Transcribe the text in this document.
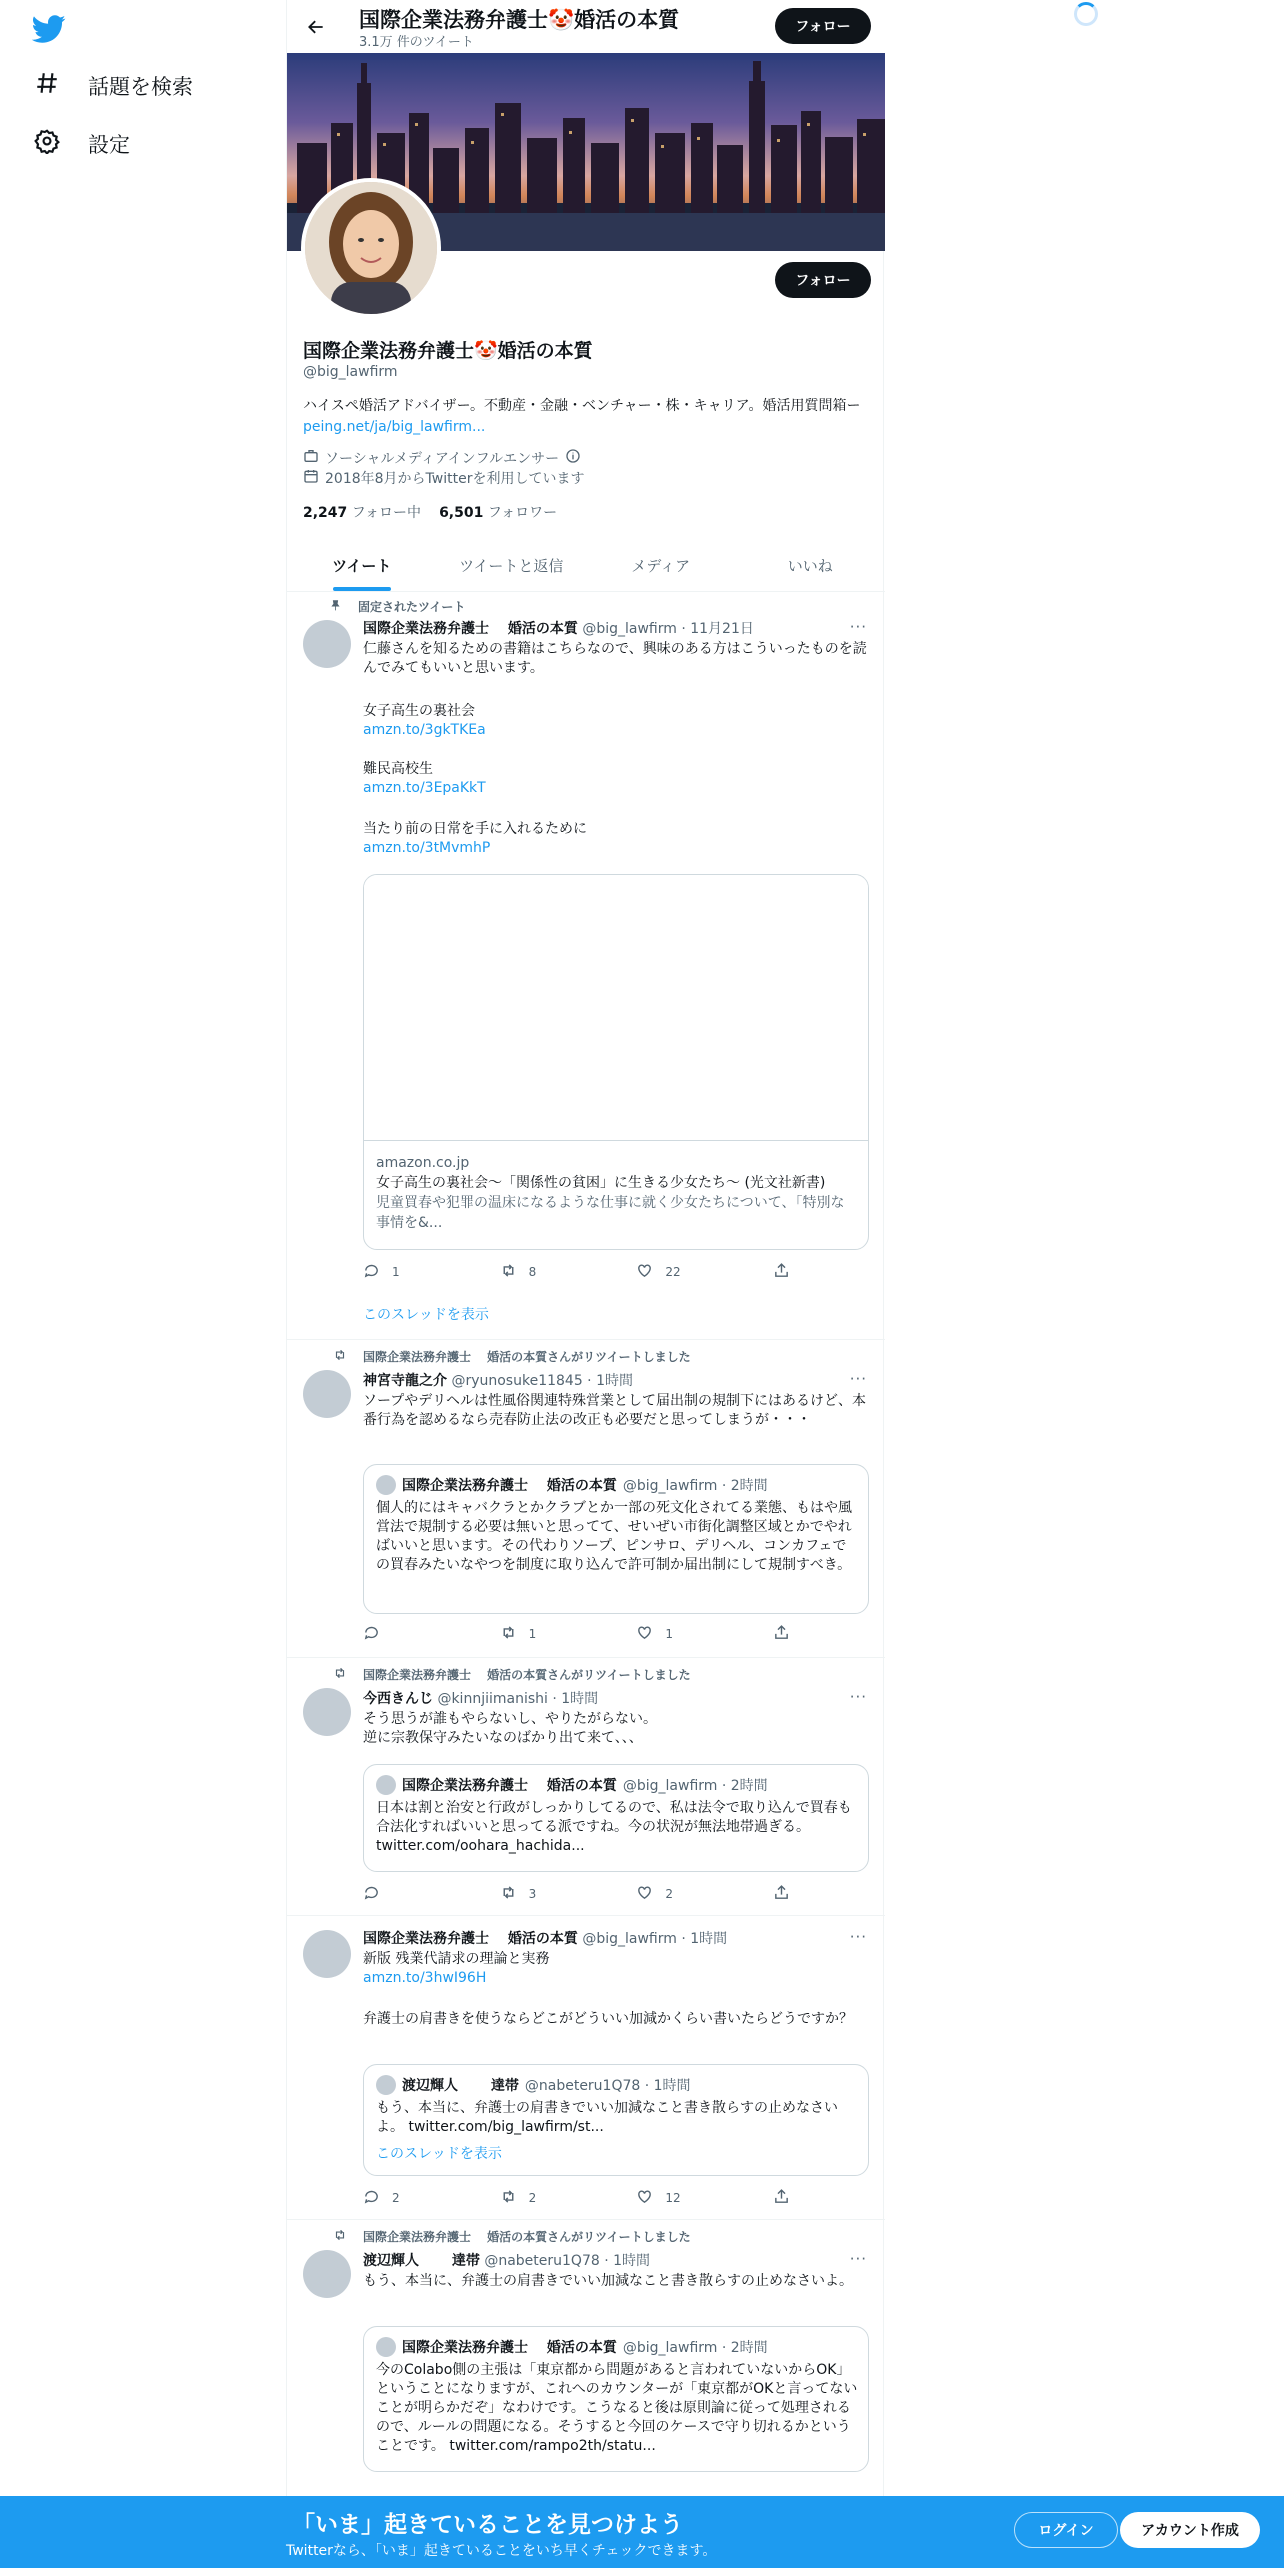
話題を検索
設定
国際企業法務弁護士🤡婚活の本質
3.1万 件のツイート
フォロー
フォロー
国際企業法務弁護士🤡婚活の本質
@big_lawfirm
ハイスペ婚活アドバイザー。不動産・金融・ベンチャー・株・キャリア。婚活用質問箱ーpeing.net/ja/big_lawfirm...
ソーシャルメディアインフルエンサー
2018年8月からTwitterを利用しています
2,247 フォロー中 6,501 フォロワー
ツイート	ツイートと返信	メディア	いいね
固定されたツイート
国際企業法務弁護士　 婚活の本質 @big_lawfirm · 11月21日	···
仁藤さんを知るための書籍はこちらなので、興味のある方はこういったものを読んでみてもいいと思います。
女子高生の裏社会
amzn.to/3gkTKEa
難民高校生
amzn.to/3EpaKkT
当たり前の日常を手に入れるために
amzn.to/3tMvmhP
amazon.co.jp
女子高生の裏社会～「関係性の貧困」に生きる少女たち～ (光文社新書)
児童買春や犯罪の温床になるような仕事に就く少女たちについて、「特別な事情を&...
1	8	22
このスレッドを表示
国際企業法務弁護士　 婚活の本質さんがリツイートしました
神宮寺龍之介 @ryunosuke11845 · 1時間	···
ソープやデリヘルは性風俗関連特殊営業として届出制の規制下にはあるけど、本番行為を認めるなら売春防止法の改正も必要だと思ってしまうが・・・
国際企業法務弁護士　 婚活の本質 @big_lawfirm · 2時間
個人的にはキャバクラとかクラブとか一部の死文化されてる業態、もはや風営法で規制する必要は無いと思ってて、せいぜい市街化調整区域とかでやればいいと思います。その代わりソープ、ピンサロ、デリヘル、コンカフェでの買春みたいなやつを制度に取り込んで許可制か届出制にして規制すべき。
1	1
国際企業法務弁護士　 婚活の本質さんがリツイートしました
今西きんじ @kinnjiimanishi · 1時間	···
そう思うが誰もやらないし、やりたがらない。
逆に宗教保守みたいなのばかり出て来て、、、
国際企業法務弁護士　 婚活の本質 @big_lawfirm · 2時間
日本は割と治安と行政がしっかりしてるので、私は法令で取り込んで買春も合法化すればいいと思ってる派ですね。今の状況が無法地帯過ぎる。 twitter.com/oohara_hachida...
3	2
国際企業法務弁護士　 婚活の本質 @big_lawfirm · 1時間	···
新版 残業代請求の理論と実務
amzn.to/3hwI96H
弁護士の肩書きを使うならどこがどういい加減かくらい書いたらどうですか？
渡辺輝人　　 達帯 @nabeteru1Q78 · 1時間
もう、本当に、弁護士の肩書きでいい加減なこと書き散らすの止めなさいよ。 twitter.com/big_lawfirm/st...
このスレッドを表示
2	2	12
国際企業法務弁護士　 婚活の本質さんがリツイートしました
渡辺輝人　　 達帯 @nabeteru1Q78 · 1時間	···
もう、本当に、弁護士の肩書きでいい加減なこと書き散らすの止めなさいよ。
国際企業法務弁護士　 婚活の本質 @big_lawfirm · 2時間
今のColabo側の主張は「東京都から問題があると言われていないからOK」ということになりますが、これへのカウンターが「東京都がOKと言ってないことが明らかだぞ」なわけです。こうなると後は原則論に従って処理されるので、ルールの問題になる。そうすると今回のケースで守り切れるかということです。 twitter.com/rampo2th/statu...
「いま」起きていることを見つけよう
Twitterなら、「いま」起きていることをいち早くチェックできます。
ログイン	アカウント作成
